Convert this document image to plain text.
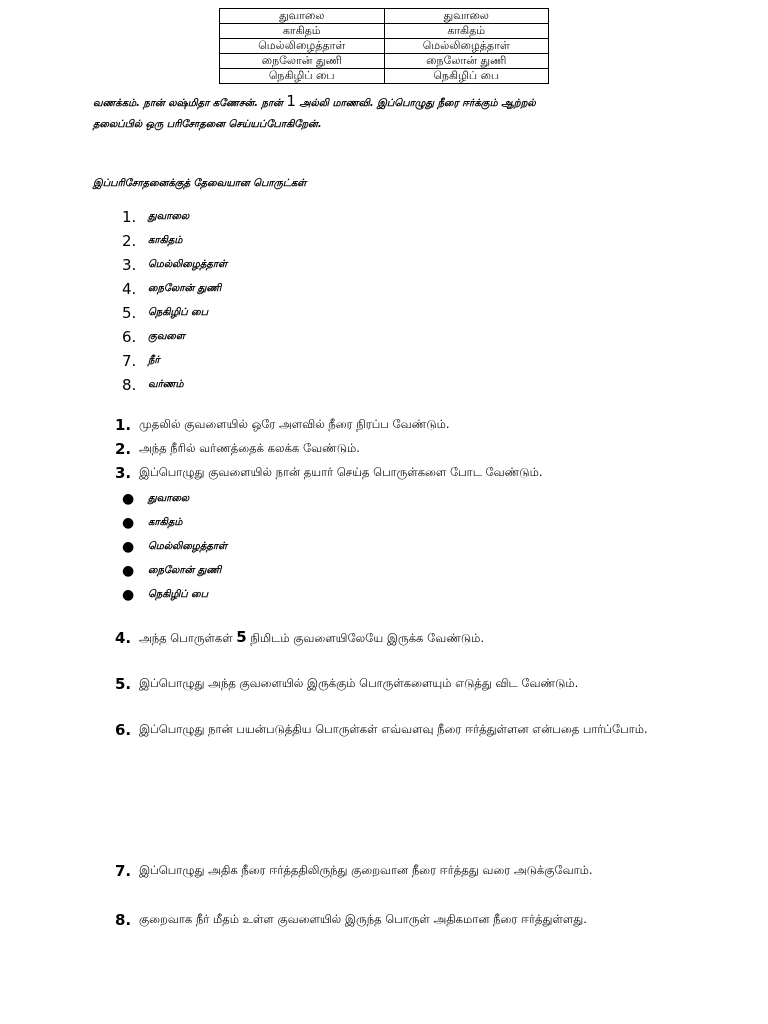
துவாலை	துவாலை
காகிதம்	காகிதம்
மெல்லிழைத்தாள்	மெல்லிழைத்தாள்
நைலோன் துணி	நைலோன் துணி
நெகிழிப் பை	நெகிழிப் பை
வணக்கம். நான் லஷ்மிதா கணேசன். நான் 1 அல்லி மாணவி. இப்பொழுது நீரை ஈர்க்கும் ஆற்றல்
தலைப்பில் ஒரு பரிசோதனை செய்யப்போகிறேன்.
இப்பரிசோதனைக்குத் தேவையான பொருட்கள்
1.	துவாலை
2.	காகிதம்
3.	மெல்லிழைத்தாள்
4.	நைலோன் துணி
5.	நெகிழிப் பை
6.	குவளை
7.	நீர்
8.	வர்ணம்
1. முதலில் குவளையில் ஒரே அளவில் நீரை நிரப்ப வேண்டும்.
2. அந்த நீரில் வர்ணத்தைக் கலக்க வேண்டும்.
3. இப்பொழுது குவளையில் நான் தயார் செய்த பொருள்களை போட வேண்டும்.
●	துவாலை
●	காகிதம்
●	மெல்லிழைத்தாள்
●	நைலோன் துணி
●	நெகிழிப் பை
4. அந்த பொருள்கள் 5 நிமிடம் குவளையிலேயே இருக்க வேண்டும்.
5. இப்பொழுது அந்த குவளையில் இருக்கும் பொருள்களையும் எடுத்து விட வேண்டும்.
6. இப்பொழுது நான் பயன்படுத்திய பொருள்கள் எவ்வளவு நீரை ஈர்த்துள்ளன என்பதை பார்ப்போம்.
7. இப்பொழுது அதிக நீரை ஈர்த்ததிலிருந்து குறைவான நீரை ஈர்த்தது வரை அடுக்குவோம்.
8. குறைவாக நீர் மீதம் உள்ள குவளையில் இருந்த பொருள் அதிகமான நீரை ஈர்த்துள்ளது.
